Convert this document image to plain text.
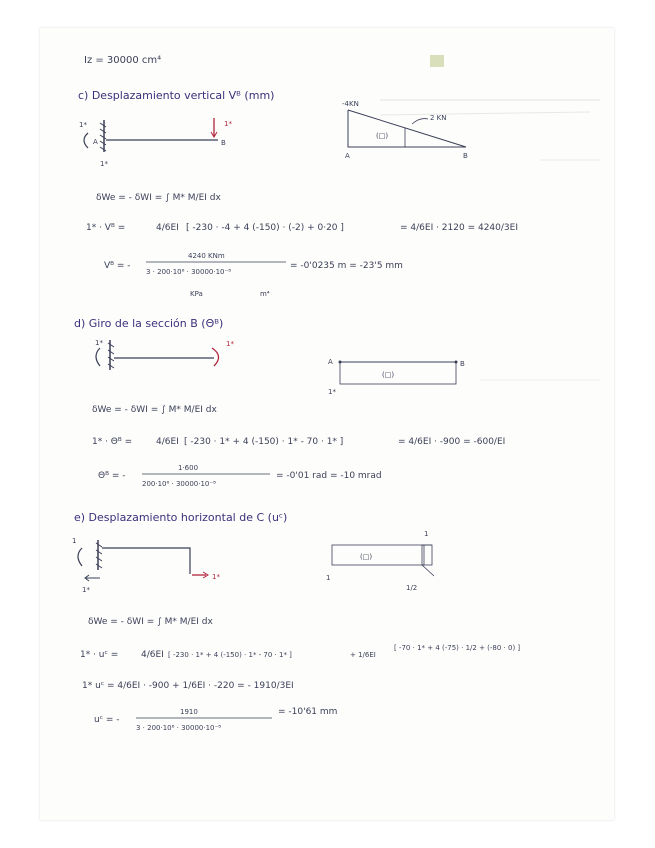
Iz = 30000 cm⁴
c) Desplazamiento vertical Vᴮ (mm)
1*
A	B
1*
1*
-4KN
2 KN
(□)
A	B
δWe = - δWI = ∫ M* M/EI dx
1* · Vᴮ =	4/6EI [ -230 · -4 + 4 (-150) · (-2) + 0·20 ]	= 4/6EI · 2120 = 4240/3EI
Vᴮ = -
4240 KNm
3 · 200·10⁶ · 30000·10⁻⁸
= -0'0235 m = -23'5 mm
KPa	m⁴
d) Giro de la sección B (Θᴮ)
1*	1*
A	B
(□)
1*
δWe = - δWI = ∫ M* M/EI dx
1* · Θᴮ =	4/6EI [ -230 · 1* + 4 (-150) · 1* - 70 · 1* ]	= 4/6EI · -900 = -600/EI
Θᴮ = -
1·600
200·10⁶ · 30000·10⁻⁸
= -0'01 rad = -10 mrad
e) Desplazamiento horizontal de C (uᶜ)
1
1*
1*
(□)
1
1
1/2
δWe = - δWI = ∫ M* M/EI dx
1* · uᶜ =	4/6EI [ -230 · 1* + 4 (-150) · 1* - 70 · 1* ]	+ 1/6EI
[ -70 · 1* + 4 (-75) · 1/2 + (-80 · 0) ]
1* uᶜ = 4/6EI · -900 + 1/6EI · -220 = - 1910/3EI
uᶜ = -
1910
3 · 200·10⁶ · 30000·10⁻⁸
= -10'61 mm
